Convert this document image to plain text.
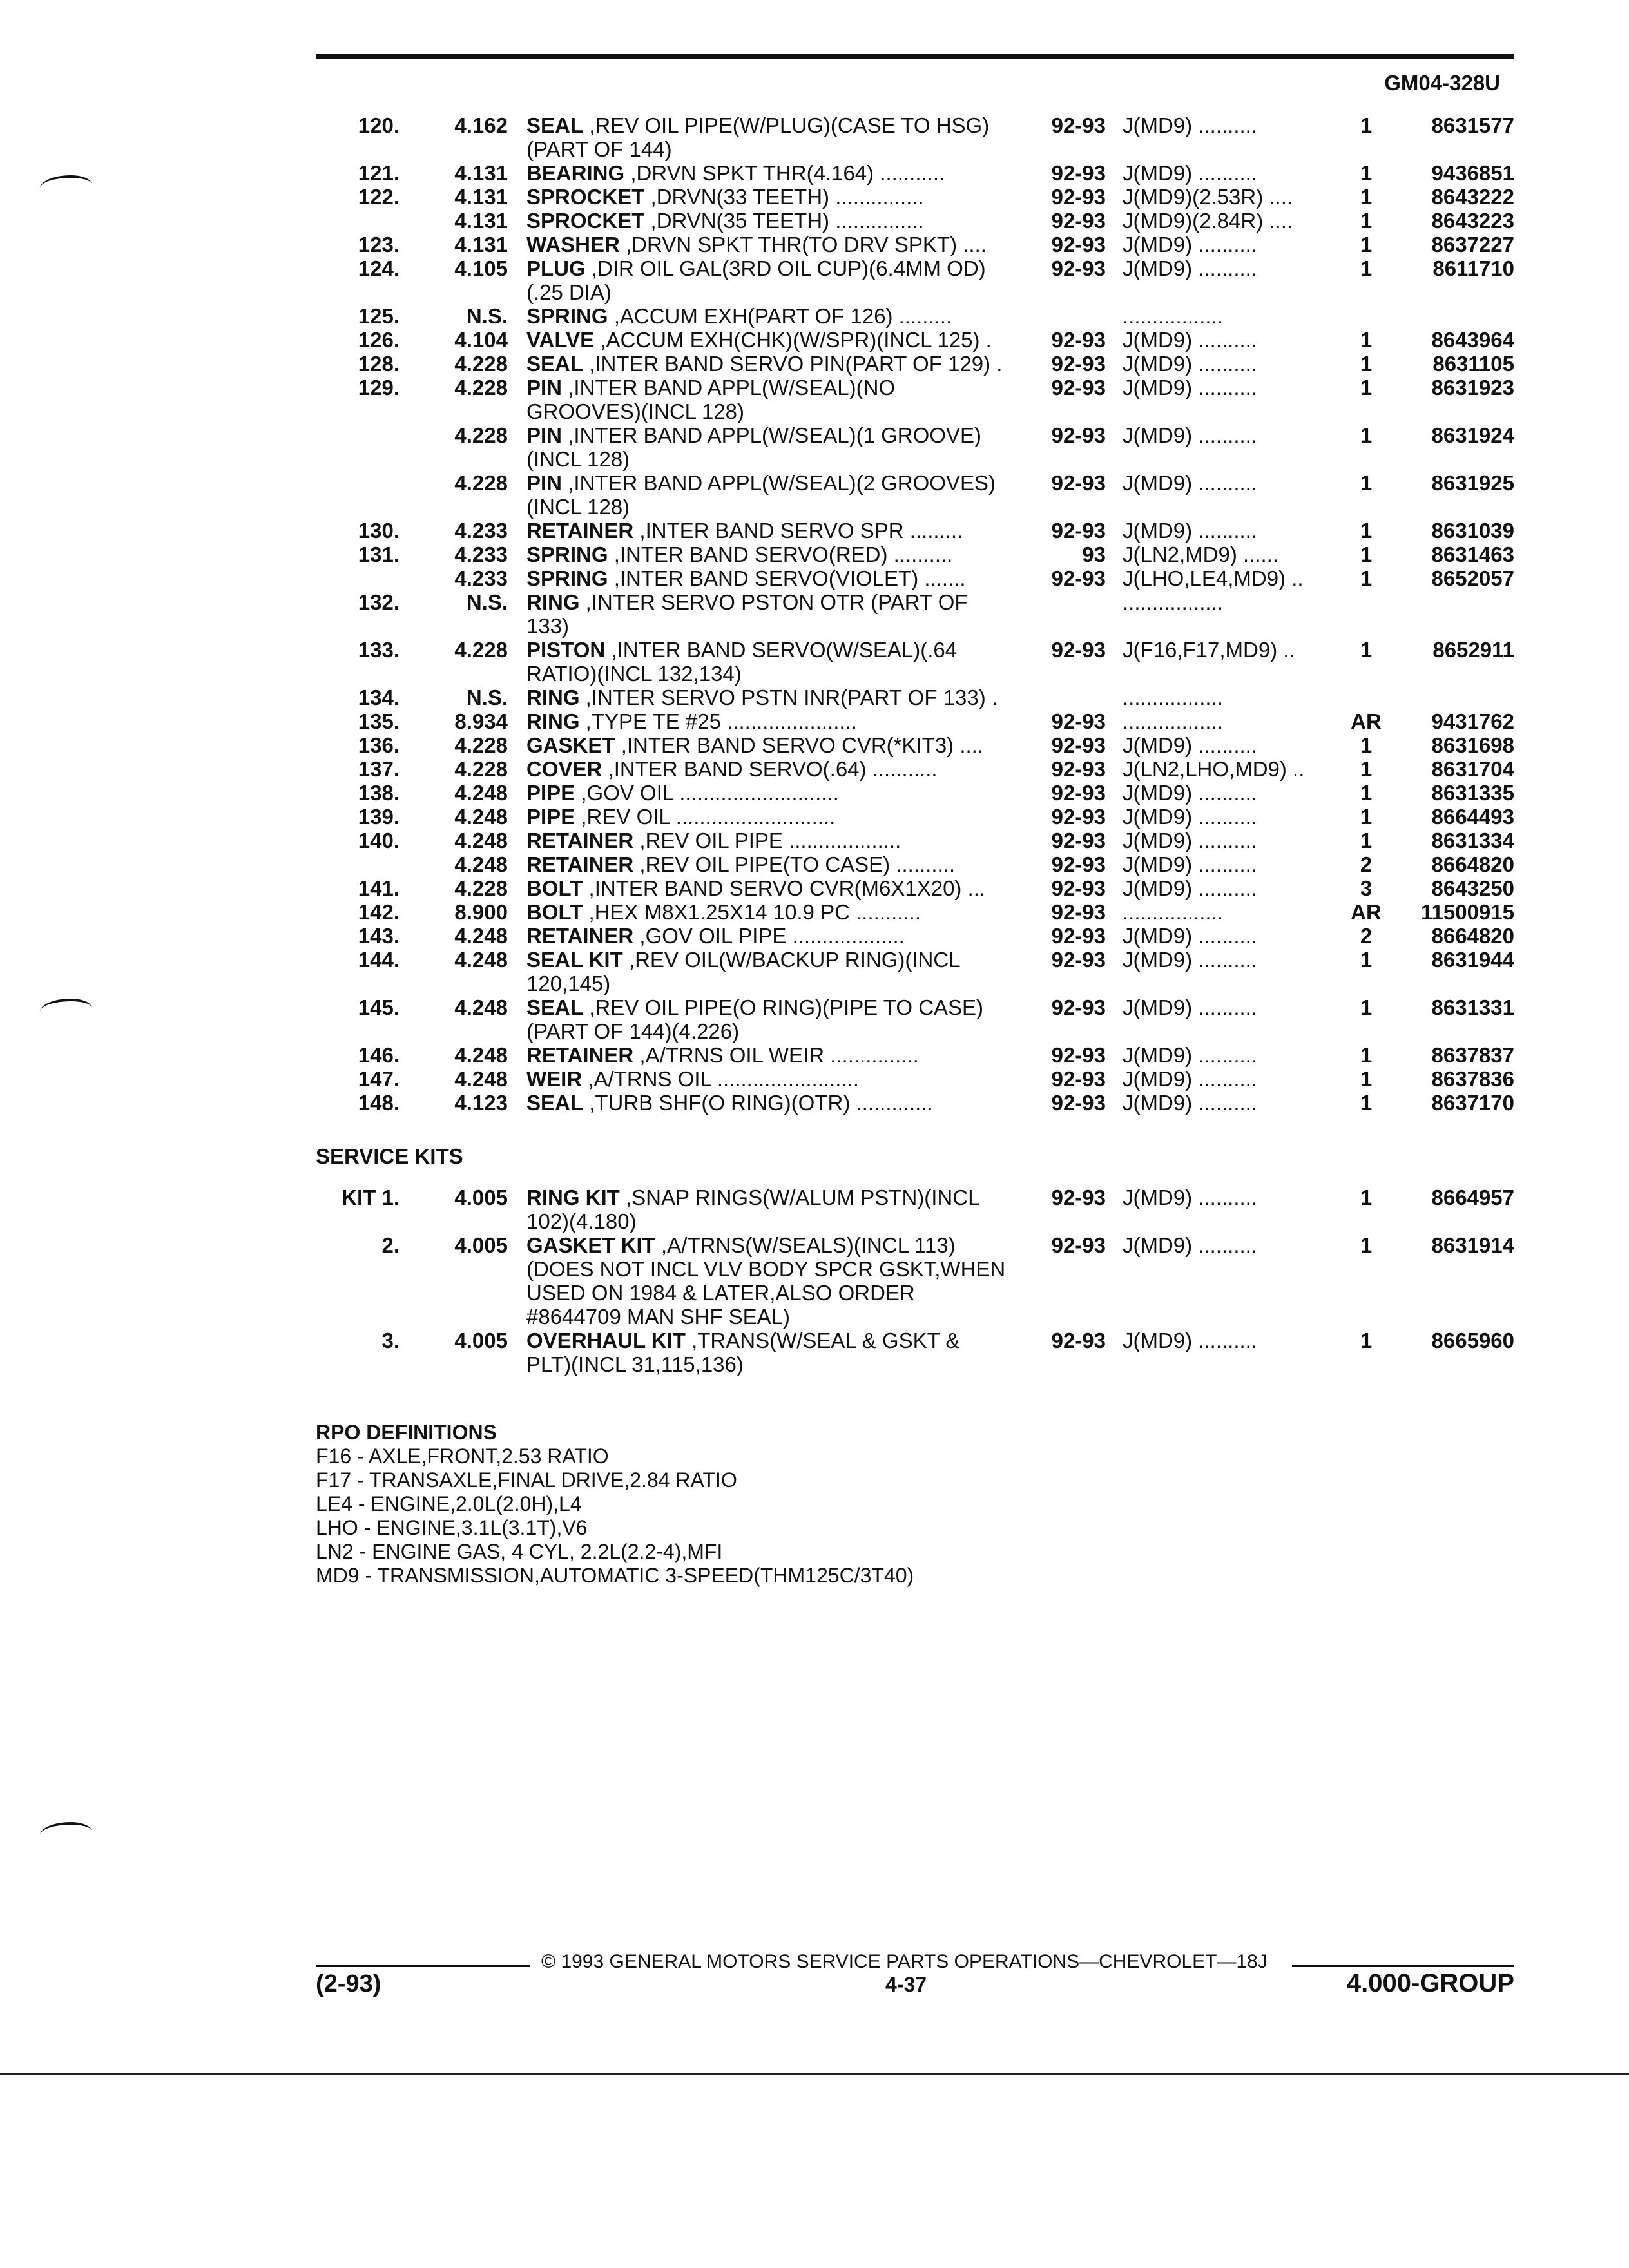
GM04-328U
120.	4.162 SEAL ,REV OIL PIPE(W/PLUG)(CASE TO HSG)
(PART OF 144)
92-93 J(MD9) ..........	1	8631577
121.	4.131 BEARING ,DRVN SPKT THR(4.164) ...........	92-93 J(MD9) ..........	1	9436851
122.	4.131 SPROCKET ,DRVN(33 TEETH) ...............	92-93 J(MD9)(2.53R) ....	1	8643222
4.131 SPROCKET ,DRVN(35 TEETH) ...............	92-93 J(MD9)(2.84R) ....	1	8643223
123.	4.131 WASHER ,DRVN SPKT THR(TO DRV SPKT) ....	92-93 J(MD9) ..........	1	8637227
124.	4.105 PLUG ,DIR OIL GAL(3RD OIL CUP)(6.4MM OD)
(.25 DIA)
92-93 J(MD9) ..........	1	8611710
125.	N.S. SPRING ,ACCUM EXH(PART OF 126) .........	.................
126.	4.104 VALVE ,ACCUM EXH(CHK)(W/SPR)(INCL 125) .	92-93 J(MD9) ..........	1	8643964
128.	4.228 SEAL ,INTER BAND SERVO PIN(PART OF 129) .	92-93 J(MD9) ..........	1	8631105
129.	4.228 PIN ,INTER BAND APPL(W/SEAL)(NO
GROOVES)(INCL 128)
92-93 J(MD9) ..........	1	8631923
4.228 PIN ,INTER BAND APPL(W/SEAL)(1 GROOVE)
(INCL 128)
92-93 J(MD9) ..........	1	8631924
4.228 PIN ,INTER BAND APPL(W/SEAL)(2 GROOVES)
(INCL 128)
92-93 J(MD9) ..........	1	8631925
130.	4.233 RETAINER ,INTER BAND SERVO SPR .........	92-93 J(MD9) ..........	1	8631039
131.	4.233 SPRING ,INTER BAND SERVO(RED) ..........	93 J(LN2,MD9) ......	1	8631463
4.233 SPRING ,INTER BAND SERVO(VIOLET) .......	92-93 J(LHO,LE4,MD9) ..	1	8652057
132.	N.S. RING ,INTER SERVO PSTON OTR (PART OF
133)
.................
133.	4.228 PISTON ,INTER BAND SERVO(W/SEAL)(.64
RATIO)(INCL 132,134)
92-93 J(F16,F17,MD9) ..	1	8652911
134.	N.S. RING ,INTER SERVO PSTN INR(PART OF 133) .	.................
135.	8.934 RING ,TYPE TE #25 ......................	92-93 .................	AR	9431762
136.	4.228 GASKET ,INTER BAND SERVO CVR(*KIT3) ....	92-93 J(MD9) ..........	1	8631698
137.	4.228 COVER ,INTER BAND SERVO(.64) ...........	92-93 J(LN2,LHO,MD9) ..	1	8631704
138.	4.248 PIPE ,GOV OIL ...........................	92-93 J(MD9) ..........	1	8631335
139.	4.248 PIPE ,REV OIL ...........................	92-93 J(MD9) ..........	1	8664493
140.	4.248 RETAINER ,REV OIL PIPE ...................	92-93 J(MD9) ..........	1	8631334
4.248 RETAINER ,REV OIL PIPE(TO CASE) ..........	92-93 J(MD9) ..........	2	8664820
141.	4.228 BOLT ,INTER BAND SERVO CVR(M6X1X20) ...	92-93 J(MD9) ..........	3	8643250
142.	8.900 BOLT ,HEX M8X1.25X14 10.9 PC ...........	92-93 .................	AR	11500915
143.	4.248 RETAINER ,GOV OIL PIPE ...................	92-93 J(MD9) ..........	2	8664820
144.	4.248 SEAL KIT ,REV OIL(W/BACKUP RING)(INCL
120,145)
92-93 J(MD9) ..........	1	8631944
145.	4.248 SEAL ,REV OIL PIPE(O RING)(PIPE TO CASE)
(PART OF 144)(4.226)
92-93 J(MD9) ..........	1	8631331
146.	4.248 RETAINER ,A/TRNS OIL WEIR ...............	92-93 J(MD9) ..........	1	8637837
147.	4.248 WEIR ,A/TRNS OIL ........................	92-93 J(MD9) ..........	1	8637836
148.	4.123 SEAL ,TURB SHF(O RING)(OTR) .............	92-93 J(MD9) ..........	1	8637170
SERVICE KITS
KIT 1.	4.005 RING KIT ,SNAP RINGS(W/ALUM PSTN)(INCL
102)(4.180)
92-93 J(MD9) ..........	1	8664957
2.	4.005 GASKET KIT ,A/TRNS(W/SEALS)(INCL 113)
(DOES NOT INCL VLV BODY SPCR GSKT,WHEN
USED ON 1984 & LATER,ALSO ORDER
#8644709 MAN SHF SEAL)
92-93 J(MD9) ..........	1	8631914
3.	4.005 OVERHAUL KIT ,TRANS(W/SEAL & GSKT &
PLT)(INCL 31,115,136)
92-93 J(MD9) ..........	1	8665960
RPO DEFINITIONS
F16 - AXLE,FRONT,2.53 RATIO
F17 - TRANSAXLE,FINAL DRIVE,2.84 RATIO
LE4 - ENGINE,2.0L(2.0H),L4
LHO - ENGINE,3.1L(3.1T),V6
LN2 - ENGINE GAS, 4 CYL, 2.2L(2.2-4),MFI
MD9 - TRANSMISSION,AUTOMATIC 3-SPEED(THM125C/3T40)
© 1993 GENERAL MOTORS SERVICE PARTS OPERATIONS—CHEVROLET—18J
(2-93)	4-37	4.000-GROUP
